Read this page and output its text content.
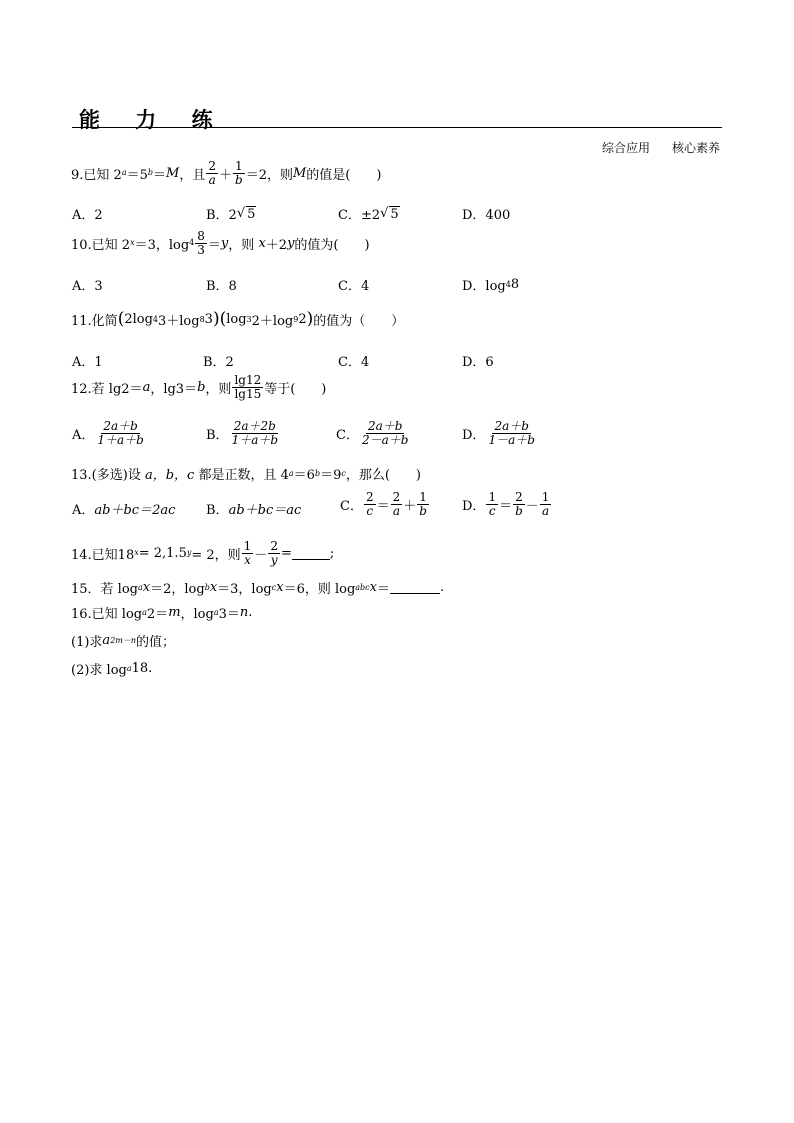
能 力 练
综合应用 核心素养
9.已知 2 a ＝5 b ＝ M ，且 $\frac{2}{a} + \frac{1}{b} =2$，则 M 的值是(　　)
A．2	B．2 √ 5	C．±2 √ 5	D．400
10.已知 2 x ＝3，$\log 4 \frac{8}{3} = y$ ，则
x ＋2 y 的值为(　　)
A．3	B．8	C．4	D．log 4 8
11.化简 ( 2log 4 3＋log 8 3 ) ( log 3 2＋log 9 2 ) 的值为（　　）
A．1	B．2	C．4	D．6
12.若 lg2＝ a ，lg3＝ b ，则 $\frac{\lg 12}{\lg 15}$ 等于(　　)
A． $\frac{2a+b}{1+a+b}$	B． $\frac{2a+2b}{1+a+b}$	C． $\frac{2a+b}{2-a+b}$	D． $\frac{2a+b}{1-a+b}$
13.(多选)设
a，b，c
都是正数，且 4 a ＝6 b ＝9 c ，那么(　　)
A． ab＋bc＝2ac B． ab＋bc＝ac	C． $\frac{2}{c} = \frac{2}{a} + \frac{1}{b}$	D． $\frac{1}{c} = \frac{2}{b} - \frac{1}{a}$
14.已知18 x = 2,1.5 y = 2，则 $\frac{1}{x} - \frac{2}{y}$ =	;
15．若 log a x ＝2，log b x ＝3，log c x ＝6，则 log abc x ＝	.
16.已知 log a 2＝ m ，log a 3＝ n .
(1)求 a 2m－n 的值；
(2)求 log a 18.
